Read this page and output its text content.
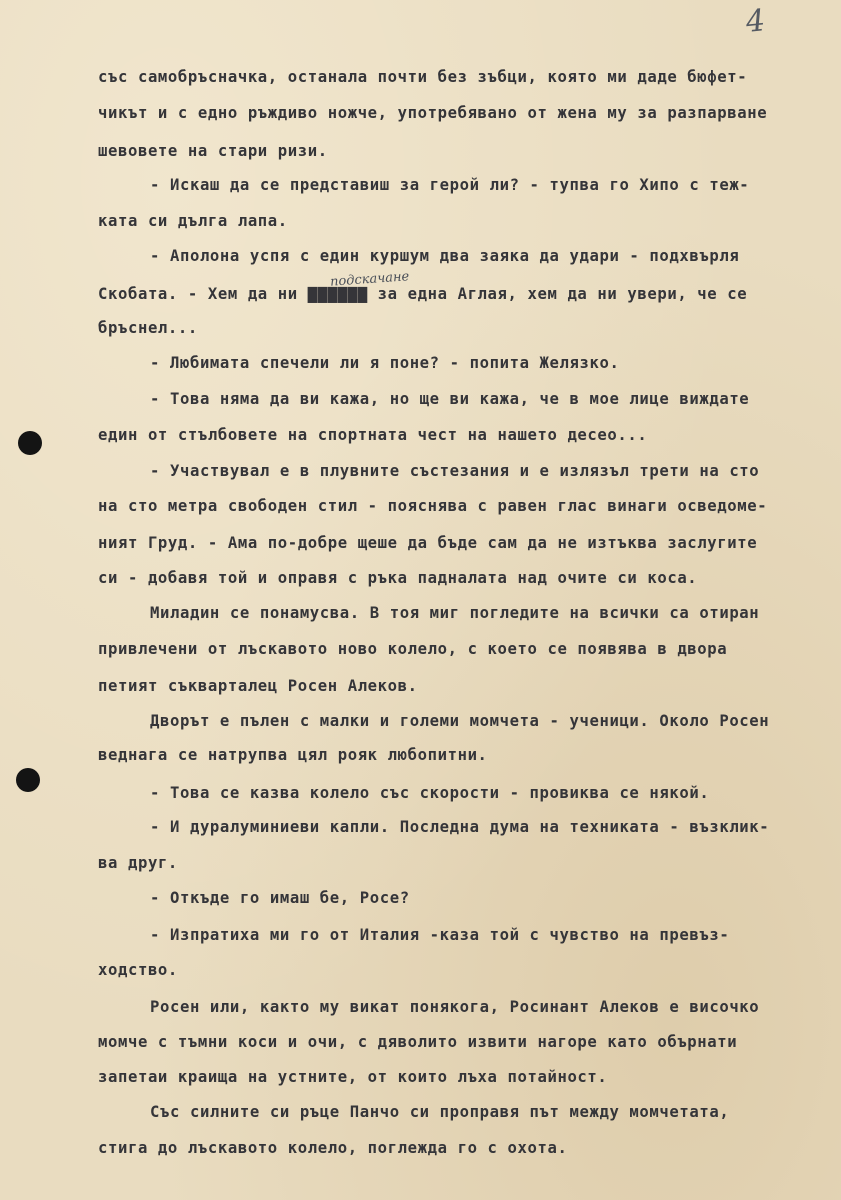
4
подскачане
със самобръсначка, останала почти без зъбци, която ми даде бюфет-
чикът и с едно ръждиво ножче, употребявано от жена му за разпарване
шевовете на стари ризи.
- Искаш да се представиш за герой ли? - тупва го Хипо с теж-
ката си дълга лапа.
- Аполона успя с един куршум два заяка да удари - подхвърля
Скобата. - Хем да ни ▇▇▇▇▇▇ за една Аглая, хем да ни увери, че се
бръснел...
- Любимата спечели ли я поне? - попита Желязко.
- Това няма да ви кажа, но ще ви кажа, че в мое лице виждате
един от стълбовете на спортната чест на нашето десео...
- Участвувал е в плувните състезания и е излязъл трети на сто
на сто метра свободен стил - пояснява с равен глас винаги осведоме-
ният Груд. - Ама по-добре щеше да бъде сам да не изтъква заслугите
си - добавя той и оправя с ръка падналата над очите си коса.
Миладин се понамусва. В тоя миг погледите на всички са отиран
привлечени от лъскавото ново колело, с което се появява в двора
петият съкварталец Росен Алеков.
Дворът е пълен с малки и големи момчета - ученици. Около Росен
веднага се натрупва цял рояк любопитни.
- Това се казва колело със скорости - провиква се някой.
- И дуралуминиеви капли. Последна дума на техниката - възклик-
ва друг.
- Откъде го имаш бе, Росе?
- Изпратиха ми го от Италия -каза той с чувство на превъз-
ходство.
Росен или, както му викат понякога, Росинант Алеков е височко
момче с тъмни коси и очи, с дяволито извити нагоре като обърнати
запетаи краища на устните, от които лъха потайност.
Със силните си ръце Панчо си проправя път между момчетата,
стига до лъскавото колело, поглежда го с охота.
